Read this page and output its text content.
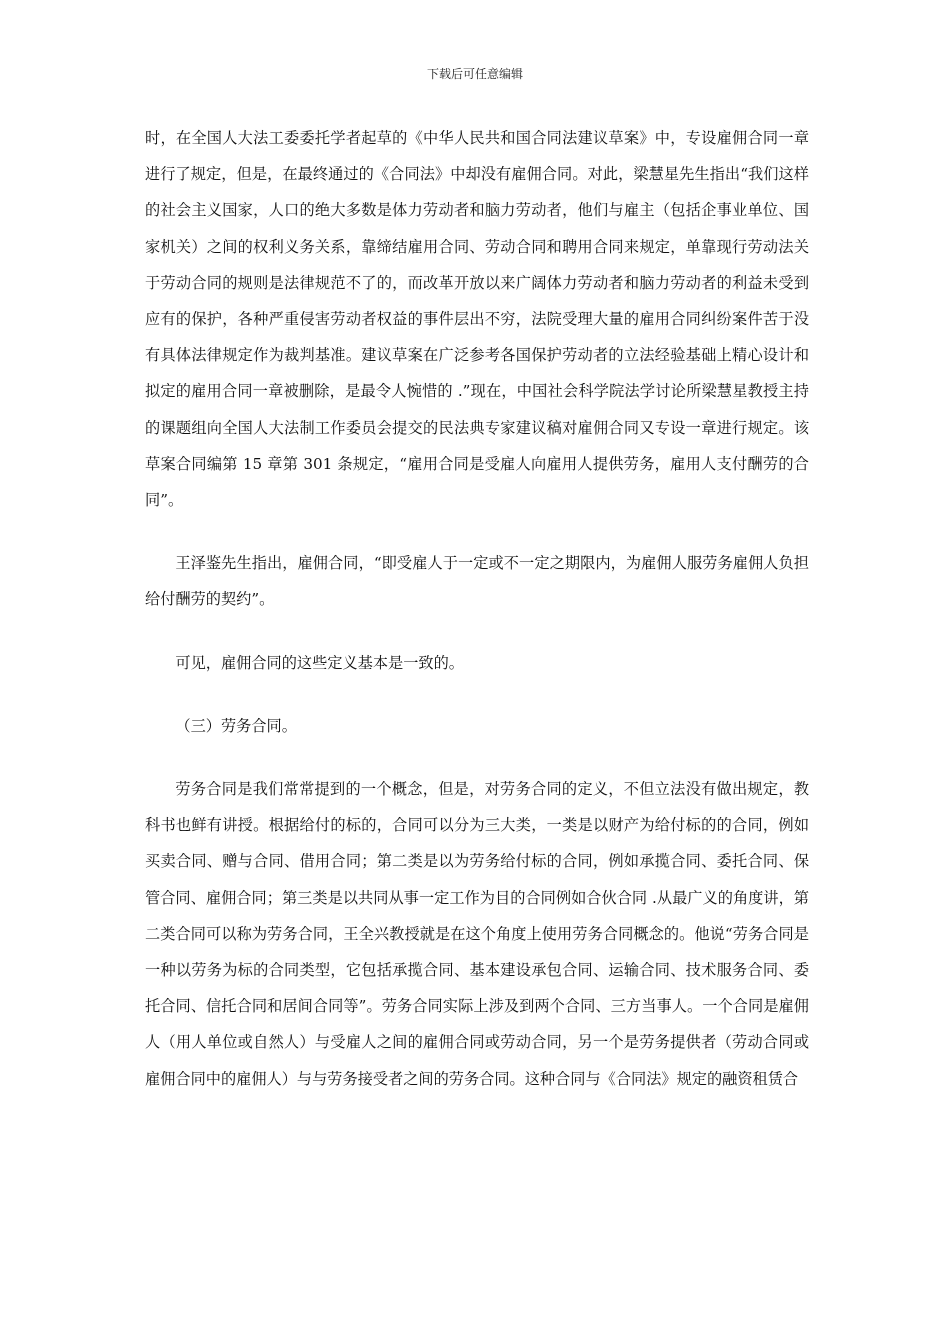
下载后可任意编辑

时，在全国人大法工委委托学者起草的《中华人民共和国合同法建议草案》中，专设雇佣合同一章进行了规定，但是，在最终通过的《合同法》中却没有雇佣合同。对此，梁慧星先生指出“我们这样的社会主义国家，人口的绝大多数是体力劳动者和脑力劳动者，他们与雇主（包括企事业单位、国家机关）之间的权利义务关系，靠缔结雇用合同、劳动合同和聘用合同来规定，单靠现行劳动法关于劳动合同的规则是法律规范不了的，而改革开放以来广阔体力劳动者和脑力劳动者的利益未受到应有的保护，各种严重侵害劳动者权益的事件层出不穷，法院受理大量的雇用合同纠纷案件苦于没有具体法律规定作为裁判基准。建议草案在广泛参考各国保护劳动者的立法经验基础上精心设计和拟定的雇用合同一章被删除，是最令人惋惜的 .”现在，中国社会科学院法学讨论所梁慧星教授主持的课题组向全国人大法制工作委员会提交的民法典专家建议稿对雇佣合同又专设一章进行规定。该草案合同编第 15 章第 301 条规定，“雇用合同是受雇人向雇用人提供劳务，雇用人支付酬劳的合同”。

王泽鉴先生指出，雇佣合同，“即受雇人于一定或不一定之期限内，为雇佣人服劳务雇佣人负担给付酬劳的契约”。

可见，雇佣合同的这些定义基本是一致的。

（三）劳务合同。

劳务合同是我们常常提到的一个概念，但是，对劳务合同的定义，不但立法没有做出规定，教科书也鲜有讲授。根据给付的标的，合同可以分为三大类，一类是以财产为给付标的的合同，例如买卖合同、赠与合同、借用合同；第二类是以为劳务给付标的合同，例如承揽合同、委托合同、保管合同、雇佣合同；第三类是以共同从事一定工作为目的合同例如合伙合同 .从最广义的角度讲，第二类合同可以称为劳务合同，王全兴教授就是在这个角度上使用劳务合同概念的。他说“劳务合同是一种以劳务为标的合同类型，它包括承揽合同、基本建设承包合同、运输合同、技术服务合同、委托合同、信托合同和居间合同等”。劳务合同实际上涉及到两个合同、三方当事人。一个合同是雇佣人（用人单位或自然人）与受雇人之间的雇佣合同或劳动合同，另一个是劳务提供者（劳动合同或雇佣合同中的雇佣人）与与劳务接受者之间的劳务合同。这种合同与《合同法》规定的融资租赁合
